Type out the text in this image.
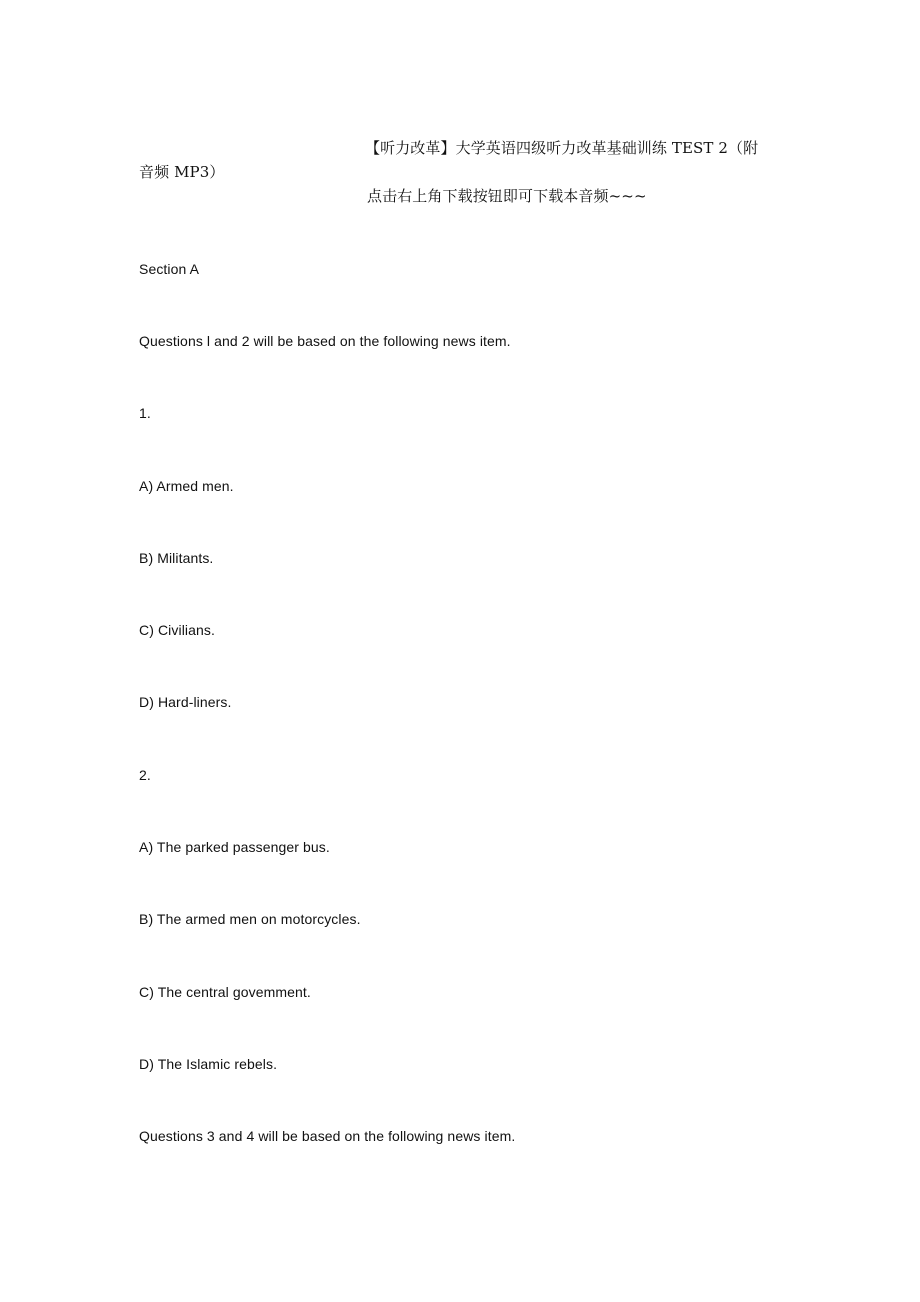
【听力改革】大学英语四级听力改革基础训练 TEST 2（附
音频 MP3）
点击右上角下载按钮即可下载本音频~~~
Section A
Questions l and 2 will be based on the following news item.
1.
A) Armed men.
B) Militants.
C) Civilians.
D) Hard-liners.
2.
A) The parked passenger bus.
B) The armed men on motorcycles.
C) The central govemment.
D) The Islamic rebels.
Questions 3 and 4 will be based on the following news item.
